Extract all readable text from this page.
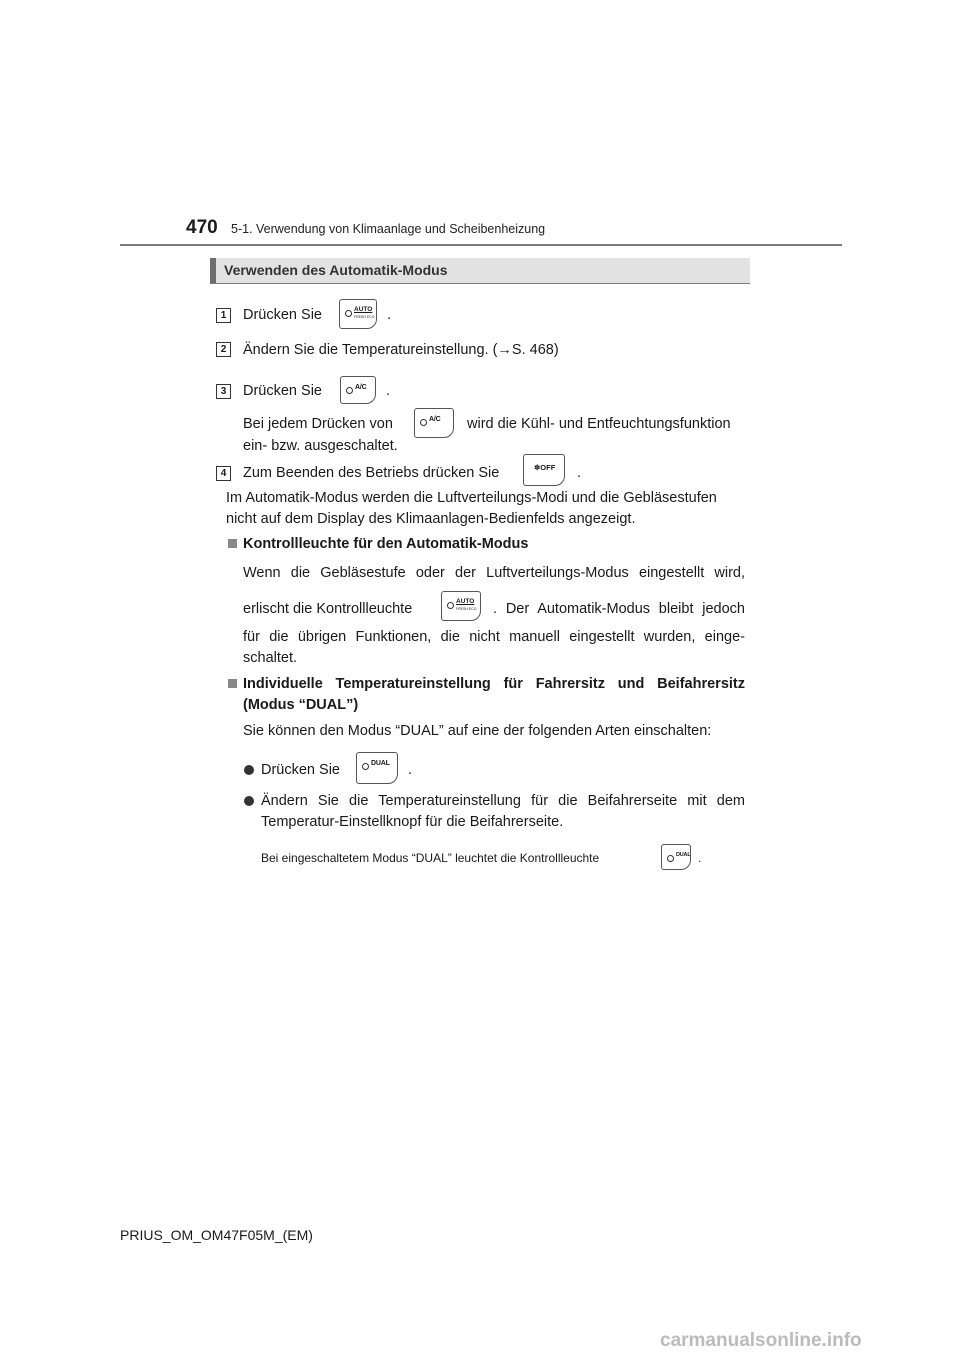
470 5-1. Verwendung von Klimaanlage und Scheibenheizung
Verwenden des Automatik-Modus
1	Drücken Sie	AUTO
FRESH ECO .
2	Ändern Sie die Temperatureinstellung. (→S. 468)
3	Drücken Sie	A/C .
Bei jedem Drücken von	A/C wird die Kühl- und Entfeuchtungsfunktion
ein- bzw. ausgeschaltet.
4	Zum Beenden des Betriebs drücken Sie	✽OFF .
Im Automatik-Modus werden die Luftverteilungs-Modi und die Gebläsestufen
nicht auf dem Display des Klimaanlagen-Bedienfelds angezeigt.
Kontrollleuchte für den Automatik-Modus
Wenn die Gebläsestufe oder der Luftverteilungs-Modus eingestellt wird,
erlischt die Kontrollleuchte	AUTO
FRESH ECO . Der Automatik-Modus bleibt jedoch
für die übrigen Funktionen, die nicht manuell eingestellt wurden, einge-
schaltet.
Individuelle Temperatureinstellung für Fahrersitz und Beifahrersitz
(Modus “DUAL”)
Sie können den Modus “DUAL” auf eine der folgenden Arten einschalten:
Drücken Sie	DUAL .
Ändern Sie die Temperatureinstellung für die Beifahrerseite mit dem
Temperatur-Einstellknopf für die Beifahrerseite.
Bei eingeschaltetem Modus “DUAL” leuchtet die Kontrollleuchte	DUAL .
PRIUS_OM_OM47F05M_(EM)
carmanualsonline.info
